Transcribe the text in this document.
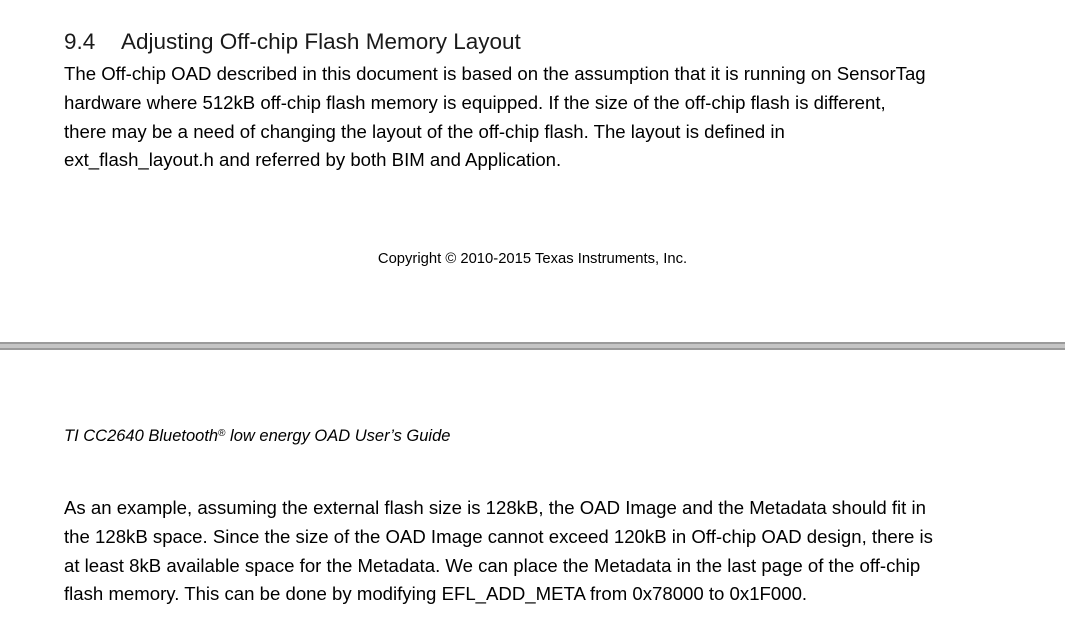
9.4 Adjusting Off-chip Flash Memory Layout

The Off-chip OAD described in this document is based on the assumption that it is running on SensorTag
hardware where 512kB off-chip flash memory is equipped. If the size of the off-chip flash is different,
there may be a need of changing the layout of the off-chip flash. The layout is defined in
ext_flash_layout.h and referred by both BIM and Application.

Copyright © 2010-2015 Texas Instruments, Inc.
TI CC2640 Bluetooth® low energy OAD User’s Guide

As an example, assuming the external flash size is 128kB, the OAD Image and the Metadata should fit in
the 128kB space. Since the size of the OAD Image cannot exceed 120kB in Off-chip OAD design, there is
at least 8kB available space for the Metadata. We can place the Metadata in the last page of the off-chip
flash memory. This can be done by modifying EFL_ADD_META from 0x78000 to 0x1F000.
